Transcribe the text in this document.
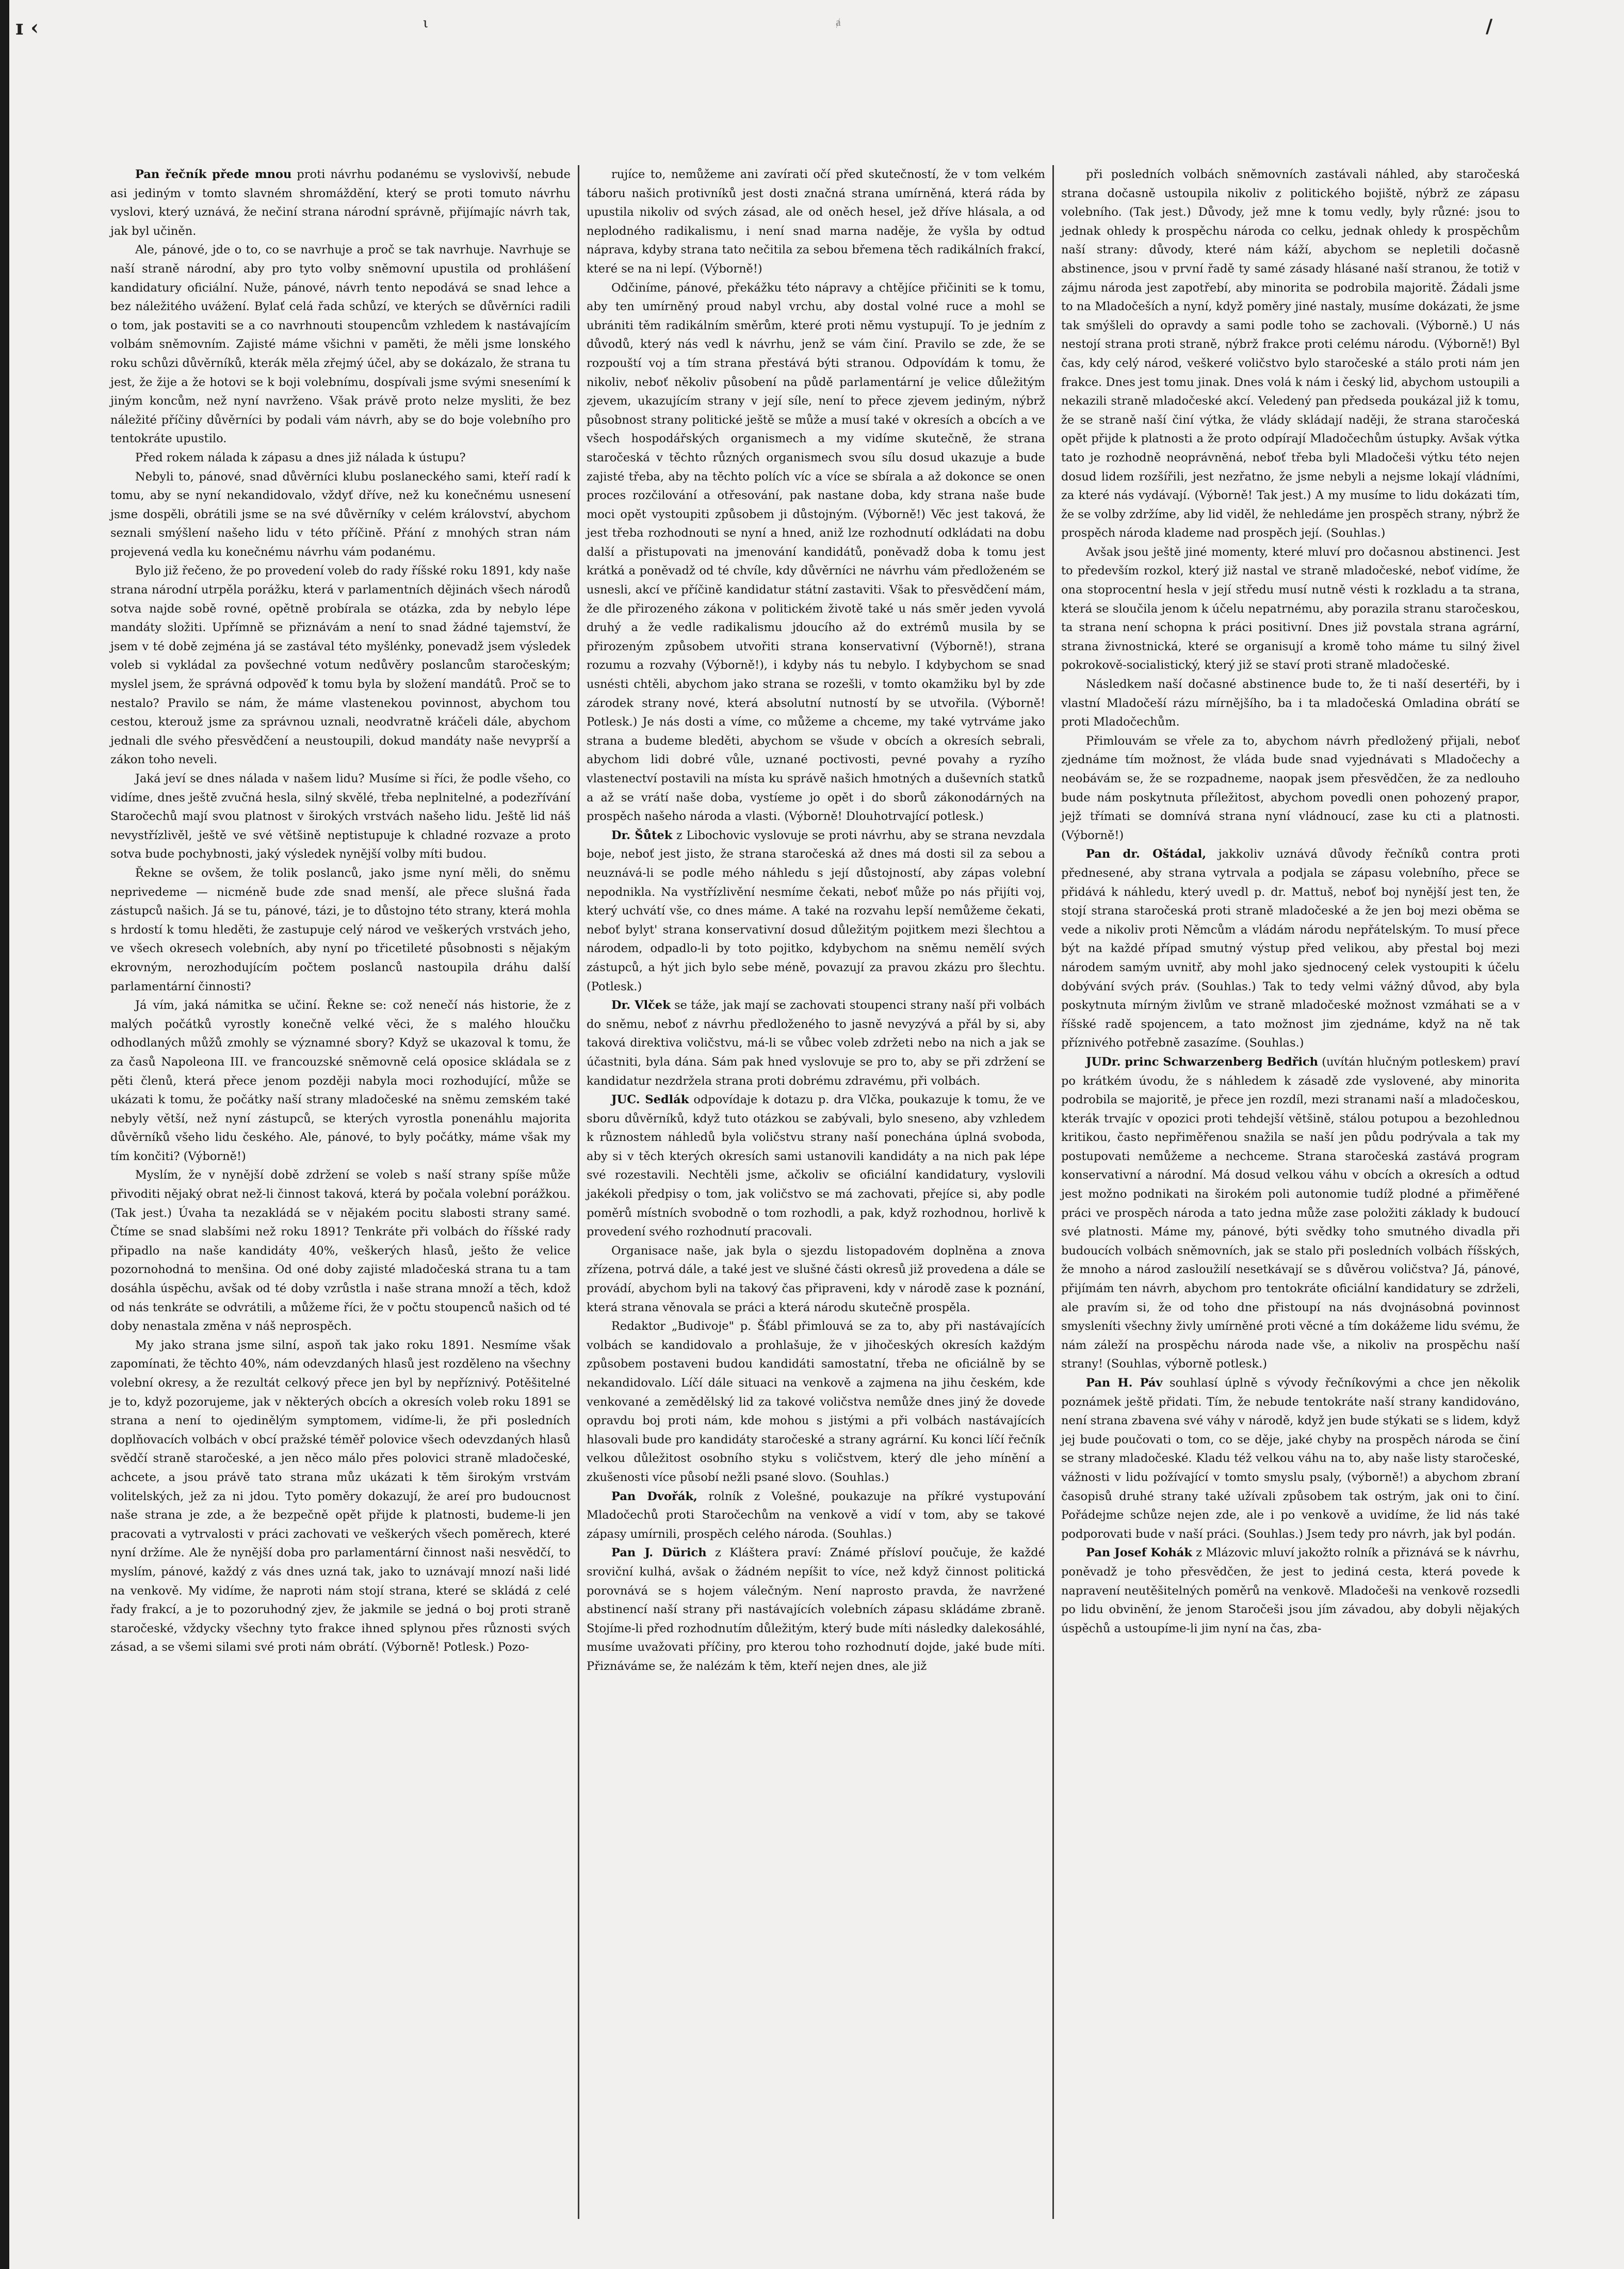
ɪ ‹	ι	ⱥ	/

Pan řečník přede mnou proti návrhu podanému se vyslovivší, nebude asi jediným v tomto slavném shromáždění, který se proti tomuto návrhu vyslovi, který uznává, že nečiní strana národní správně, přijímajíc návrh tak, jak byl učiněn.

Ale, pánové, jde o to, co se navrhuje a proč se tak navrhuje. Navrhuje se naší straně národní, aby pro tyto volby sněmovní upustila od prohlášení kandidatury oficiální. Nuže, pánové, návrh tento nepodává se snad lehce a bez náležitého uvážení. Bylať celá řada schůzí, ve kterých se důvěrníci radili o tom, jak postaviti se a co navrhnouti stoupencům vzhledem k nastávajícím volbám sněmovním. Zajisté máme všichni v paměti, že měli jsme lonského roku schůzi důvěrníků, kterák měla zřejmý účel, aby se dokázalo, že strana tu jest, že žije a že hotovi se k boji volebnímu, dospívali jsme svými snesenímí k jiným koncům, než nyní navrženo. Však právě proto nelze mysliti, že bez náležité příčiny důvěrníci by podali vám návrh, aby se do boje volebního pro tentokráte upustilo.

Před rokem nálada k zápasu a dnes již nálada k ústupu?

Nebyli to, pánové, snad důvěrníci klubu poslaneckého sami, kteří radí k tomu, aby se nyní nekandidovalo, vždyť dříve, než ku konečnému usnesení jsme dospěli, obrátili jsme se na své důvěrníky v celém království, abychom seznali smýšlení našeho lidu v této příčině. Přání z mnohých stran nám projevená vedla ku konečnému návrhu vám podanému.

Bylo již řečeno, že po provedení voleb do rady říšské roku 1891, kdy naše strana národní utrpěla porážku, která v parlamentních dějinách všech národů sotva najde sobě rovné, opětně probírala se otázka, zda by nebylo lépe mandáty složiti. Upřímně se přiznávám a není to snad žádné tajemství, že jsem v té době zejména já se zastával této myšlénky, ponevadž jsem výsledek voleb si vykládal za povšechné votum nedůvěry poslancům staročeským; myslel jsem, že správná odpověď k tomu byla by složení mandátů. Proč se to nestalo? Pravilo se nám, že máme vlastenekou povinnost, abychom tou cestou, kterouž jsme za správnou uznali, neodvratně kráčeli dále, abychom jednali dle svého přesvědčení a neustoupili, dokud mandáty naše nevyprší a zákon toho neveli.

Jaká jeví se dnes nálada v našem lidu? Musíme si říci, že podle všeho, co vidíme, dnes ještě zvučná hesla, silný skvělé, třeba neplnitelné, a podezřívání Staročechů mají svou platnost v širokých vrstvách našeho lidu. Ještě lid náš nevystřízlivěl, ještě ve své většině neptistupuje k chladné rozvaze a proto sotva bude pochybnosti, jaký výsledek nynější volby míti budou.

Řekne se ovšem, že tolik poslanců, jako jsme nyní měli, do sněmu neprivedeme — nicméně bude zde snad menší, ale přece slušná řada zástupců našich. Já se tu, pánové, tázi, je to důstojno této strany, která mohla s hrdostí k tomu hleděti, že zastupuje celý národ ve veškerých vrstvách jeho, ve všech okresech volebních, aby nyní po třicetileté působnosti s nějakým ekrovným, nerozhodujícím počtem poslanců nastoupila dráhu další parlamentární činnosti?

Já vím, jaká námitka se učiní. Řekne se: což nenečí nás historie, že z malých počátků vyrostly konečně velké věci, že s malého hloučku odhodlaných můžů zmohly se významné sbory? Když se ukazoval k tomu, že za časů Napoleona III. ve francouzské sněmovně celá oposice skládala se z pěti členů, která přece jenom později nabyla moci rozhodující, může se ukázati k tomu, že počátky naší strany mladočeské na sněmu zemském také nebyly větší, než nyní zástupců, se kterých vyrostla ponenáhlu majorita důvěrníků všeho lidu českého. Ale, pánové, to byly počátky, máme však my tím končiti? (Výborně!)

Myslím, že v nynější době zdržení se voleb s naší strany spíše může přivoditi nějaký obrat než-li činnost taková, která by počala volební porážkou. (Tak jest.) Úvaha ta nezakládá se v nějakém pocitu slabosti strany samé. Čtíme se snad slabšími než roku 1891? Tenkráte při volbách do říšské rady připadlo na naše kandidáty 40%, veškerých hlasů, ješto že velice pozornohodná to menšina. Od oné doby zajisté mladočeská strana tu a tam dosáhla úspěchu, avšak od té doby vzrůstla i naše strana množí a těch, kdož od nás tenkráte se odvrátili, a můžeme říci, že v počtu stoupenců našich od té doby nenastala změna v náš neprospěch.

My jako strana jsme silní, aspoň tak jako roku 1891. Nesmíme však zapomínati, že těchto 40%, nám odevzdaných hlasů jest rozděleno na všechny volební okresy, a že rezultát celkový přece jen byl by nepříznivý. Potěšitelné je to, když pozorujeme, jak v některých obcích a okresích voleb roku 1891 se strana a není to ojedinělým symptomem, vidíme-li, že při posledních doplňovacích volbách v obcí pražské téměř polovice všech odevzdaných hlasů svědčí straně staročeské, a jen něco málo přes polovici straně mladočeské, achcete, a jsou právě tato strana můz ukázati k těm širokým vrstvám volitelských, jež za ni jdou. Tyto poměry dokazují, že areí pro budoucnost naše strana je zde, a že bezpečně opět přijde k platnosti, budeme-li jen pracovati a vytrvalosti v práci zachovati ve veškerých všech poměrech, které nyní držíme. Ale že nynější doba pro parlamentární činnost naši nesvědčí, to myslím, pánové, každý z vás dnes uzná tak, jako to uznávají mnozí naši lidé na venkově. My vidíme, že naproti nám stojí strana, které se skládá z celé řady frakcí, a je to pozoruhodný zjev, že jakmile se jedná o boj proti straně staročeské, vždycky všechny tyto frakce ihned splynou přes různosti svých zásad, a se všemi silami své proti nám obrátí. (Výborně! Potlesk.) Pozo-

rujíce to, nemůžeme ani zavírati očí před skutečností, že v tom velkém táboru našich protivníků jest dosti značná strana umírněná, která ráda by upustila nikoliv od svých zásad, ale od oněch hesel, jež dříve hlásala, a od neplodného radikalismu, i není snad marna naděje, že vyšla by odtud náprava, kdyby strana tato nečitila za sebou břemena těch radikálních frakcí, které se na ni lepí. (Výborně!)

Odčiníme, pánové, překážku této nápravy a chtějíce přičiniti se k tomu, aby ten umírněný proud nabyl vrchu, aby dostal volné ruce a mohl se ubrániti těm radikálním směrům, které proti němu vystupují. To je jedním z důvodů, který nás vedl k návrhu, jenž se vám činí. Pravilo se zde, že se rozpouští voj a tím strana přestává býti stranou. Odpovídám k tomu, že nikoliv, neboť několiv působení na půdě parlamentární je velice důležitým zjevem, ukazujícím strany v její síle, není to přece zjevem jediným, nýbrž působnost strany politické ještě se může a musí také v okresích a obcích a ve všech hospodářských organismech a my vidíme skutečně, že strana staročeská v těchto různých organismech svou sílu dosud ukazuje a bude zajisté třeba, aby na těchto polích víc a více se sbírala a až dokonce se onen proces rozčilování a otřesování, pak nastane doba, kdy strana naše bude moci opět vystoupiti způsobem ji důstojným. (Výborně!) Věc jest taková, že jest třeba rozhodnouti se nyní a hned, aniž lze rozhodnutí odkládati na dobu další a přistupovati na jmenování kandidátů, poněvadž doba k tomu jest krátká a poněvadž od té chvíle, kdy důvěrníci ne návrhu vám předloženém se usnesli, akcí ve příčině kandidatur státní zastaviti. Však to přesvědčení mám, že dle přirozeného zákona v politickém životě také u nás směr jeden vyvolá druhý a že vedle radikalismu jdoucího až do extrémů musila by se přirozeným způsobem utvořiti strana konservativní (Výborně!), strana rozumu a rozvahy (Výborně!), i kdyby nás tu nebylo. I kdybychom se snad usnésti chtěli, abychom jako strana se rozešli, v tomto okamžiku byl by zde zárodek strany nové, která absolutní nutností by se utvořila. (Výborně! Potlesk.) Je nás dosti a víme, co můžeme a chceme, my také vytrváme jako strana a budeme bleděti, abychom se všude v obcích a okresích sebrali, abychom lidi dobré vůle, uznané poctivosti, pevné povahy a ryzího vlastenectví postavili na místa ku správě našich hmotných a duševních statků a až se vrátí naše doba, vystíeme jo opět i do sborů zákonodárných na prospěch našeho národa a vlasti. (Výborně! Dlouhotrvající potlesk.)

Dr. Šůtek z Libochovic vyslovuje se proti návrhu, aby se strana nevzdala boje, neboť jest jisto, že strana staročeská až dnes má dosti sil za sebou a neuznává-li se podle mého náhledu s její důstojností, aby zápas volební nepodnikla. Na vystřízlivění nesmíme čekati, neboť může po nás přijíti voj, který uchvátí vše, co dnes máme. A také na rozvahu lepší nemůžeme čekati, neboť bylyt' strana konservativní dosud důležitým pojitkem mezi šlechtou a národem, odpadlo-li by toto pojitko, kdybychom na sněmu nemělí svých zástupců, a hýt jich bylo sebe méně, povazují za pravou zkázu pro šlechtu. (Potlesk.)

Dr. Vlček se táže, jak mají se zachovati stoupenci strany naší při volbách do sněmu, neboť z návrhu předloženého to jasně nevyzývá a přál by si, aby taková direktiva voličstvu, má-li se vůbec voleb zdržeti nebo na nich a jak se účastniti, byla dána. Sám pak hned vyslovuje se pro to, aby se při zdržení se kandidatur nezdržela strana proti dobrému zdravému, při volbách.

JUC. Sedlák odpovídaje k dotazu p. dra Vlčka, poukazuje k tomu, že ve sboru důvěrníků, když tuto otázkou se zabývali, bylo sneseno, aby vzhledem k různostem náhledů byla voličstvu strany naší ponechána úplná svoboda, aby si v těch kterých okresích sami ustanovili kandidáty a na nich pak lépe své rozestavili. Nechtěli jsme, ačkoliv se oficiální kandidatury, vyslovili jakékoli předpisy o tom, jak voličstvo se má zachovati, přejíce si, aby podle poměrů místních svobodně o tom rozhodli, a pak, když rozhodnou, horlivě k provedení svého rozhodnutí pracovali.

Organisace naše, jak byla o sjezdu listopadovém doplněna a znova zřízena, potrvá dále, a také jest ve slušné části okresů již provedena a dále se provádí, abychom byli na takový čas připraveni, kdy v národě zase k poznání, která strana věnovala se práci a která národu skutečně prospěla.

Redaktor „Budivoje" p. Šťábl přimlouvá se za to, aby při nastávajících volbách se kandidovalo a prohlašuje, že v jihočeských okresích každým způsobem postaveni budou kandidáti samostatní, třeba ne oficiálně by se nekandidovalo. Líčí dále situaci na venkově a zajmena na jihu českém, kde venkované a zemědělský lid za takové voličstva nemůže dnes jiný že dovede opravdu boj proti nám, kde mohou s jistými a při volbách nastávajících hlasovali bude pro kandidáty staročeské a strany agrární. Ku konci líčí řečník velkou důležitost osobního styku s voličstvem, který dle jeho mínění a zkušenosti více působí nežli psané slovo. (Souhlas.)

Pan Dvořák, rolník z Volešné, poukazuje na příkré vystupování Mladočechů proti Staročechům na venkově a vidí v tom, aby se takové zápasy umírnili, prospěch celého národa. (Souhlas.)

Pan J. Dürich z Kláštera praví: Známé přísloví poučuje, že každé sroviční kulhá, avšak o žádném nepíšit to více, než když činnost politická porovnává se s hojem válečným. Není naprosto pravda, že navržené abstinencí naší strany při nastávajících volebních zápasu skládáme zbraně. Stojíme-li před rozhodnutím důležitým, který bude míti následky dalekosáhlé, musíme uvažovati příčiny, pro kterou toho rozhodnutí dojde, jaké bude míti. Přiznáváme se, že nalézám k těm, kteří nejen dnes, ale již

při posledních volbách sněmovních zastávali náhled, aby staročeská strana dočasně ustoupila nikoliv z politického bojiště, nýbrž ze zápasu volebního. (Tak jest.) Důvody, jež mne k tomu vedly, byly různé: jsou to jednak ohledy k prospěchu národa co celku, jednak ohledy k prospěchům naší strany: důvody, které nám káží, abychom se nepletili dočasně abstinence, jsou v první řadě ty samé zásady hlásané naší stranou, že totiž v zájmu národa jest zapotřebí, aby minorita se podrobila majoritě. Žádali jsme to na Mladočeších a nyní, když poměry jiné nastaly, musíme dokázati, že jsme tak smýšleli do opravdy a sami podle toho se zachovali. (Výborně.) U nás nestojí strana proti straně, nýbrž frakce proti celému národu. (Výborně!) Byl čas, kdy celý národ, veškeré voličstvo bylo staročeské a stálo proti nám jen frakce. Dnes jest tomu jinak. Dnes volá k nám i český lid, abychom ustoupili a nekazili straně mladočeské akcí. Veledený pan předseda poukázal již k tomu, že se straně naší činí výtka, že vlády skládají naději, že strana staročeská opět přijde k platnosti a že proto odpírají Mladočechům ústupky. Avšak výtka tato je rozhodně neoprávněná, neboť třeba byli Mladočeši výtku této nejen dosud lidem rozšířili, jest nezřatno, že jsme nebyli a nejsme lokají vládními, za které nás vydávají. (Výborně! Tak jest.) A my musíme to lidu dokázati tím, že se volby zdržíme, aby lid viděl, že nehledáme jen prospěch strany, nýbrž že prospěch národa klademe nad prospěch její. (Souhlas.)

Avšak jsou ještě jiné momenty, které mluví pro dočasnou abstinenci. Jest to především rozkol, který již nastal ve straně mladočeské, neboť vidíme, že ona stoprocentní hesla v její středu musí nutně vésti k rozkladu a ta strana, která se sloučila jenom k účelu nepatrnému, aby porazila stranu staročeskou, ta strana není schopna k práci positivní. Dnes již povstala strana agrární, strana živnostnická, které se organisují a kromě toho máme tu silný živel pokrokově-socialistický, který již se staví proti straně mladočeské.

Následkem naší dočasné abstinence bude to, že ti naší desertéři, by i vlastní Mladočeší rázu mírnějšího, ba i ta mladočeská Omladina obrátí se proti Mladočechům.

Přimlouvám se vřele za to, abychom návrh předložený přijali, neboť zjednáme tím možnost, že vláda bude snad vyjednávati s Mladočechy a neobávám se, že se rozpadneme, naopak jsem přesvědčen, že za nedlouho bude nám poskytnuta příležitost, abychom povedli onen pohozený prapor, jejž třímati se domnívá strana nyní vládnoucí, zase ku cti a platnosti. (Výborně!)

Pan dr. Oštádal, jakkoliv uznává důvody řečníků contra proti přednesené, aby strana vytrvala a podjala se zápasu volebního, přece se přidává k náhledu, který uvedl p. dr. Mattuš, neboť boj nynější jest ten, že stojí strana staročeská proti straně mladočeské a že jen boj mezi oběma se vede a nikoliv proti Němcům a vládám národu nepřátelským. To musí přece být na každé případ smutný výstup před velikou, aby přestal boj mezi národem samým uvnitř, aby mohl jako sjednocený celek vystoupiti k účelu dobývání svých práv. (Souhlas.) Tak to tedy velmi vážný důvod, aby byla poskytnuta mírným živlům ve straně mladočeské možnost vzmáhati se a v říšské radě spojencem, a tato možnost jim zjednáme, když na ně tak příznivého potřebně zasazíme. (Souhlas.)

JUDr. princ Schwarzenberg Bedřich (uvítán hlučným potleskem) praví po krátkém úvodu, že s náhledem k zásadě zde vyslovené, aby minorita podrobila se majoritě, je přece jen rozdíl, mezi stranami naší a mladočeskou, kterák trvajíc v opozici proti tehdejší většině, stálou potupou a bezohlednou kritikou, často nepřiměřenou snažila se naší jen půdu podrývala a tak my postupovati nemůžeme a nechceme. Strana staročeská zastává program konservativní a národní. Má dosud velkou váhu v obcích a okresích a odtud jest možno podnikati na širokém poli autonomie tudíž plodné a přiměřené práci ve prospěch národa a tato jedna může zase položiti základy k budoucí své platnosti. Máme my, pánové, býti svědky toho smutného divadla při budoucích volbách sněmovních, jak se stalo při posledních volbách říšských, že mnoho a národ zasloužilí nesetkávají se s důvěrou voličstva? Já, pánové, přijímám ten návrh, abychom pro tentokráte oficiální kandidatury se zdrželi, ale pravím si, že od toho dne přistoupí na nás dvojnásobná povinnost smysleníti všechny živly umírněné proti věcné a tím dokážeme lidu svému, že nám záleží na prospěchu národa nade vše, a nikoliv na prospěchu naší strany! (Souhlas, výborně potlesk.)

Pan H. Páv souhlasí úplně s vývody řečníkovými a chce jen několik poznámek ještě přidati. Tím, že nebude tentokráte naší strany kandidováno, není strana zbavena své váhy v národě, když jen bude stýkati se s lidem, když jej bude poučovati o tom, co se děje, jaké chyby na prospěch národa se činí se strany mladočeské. Kladu též velkou váhu na to, aby naše listy staročeské, vážnosti v lidu požívající v tomto smyslu psaly, (výborně!) a abychom zbraní časopisů druhé strany také užívali způsobem tak ostrým, jak oni to činí. Pořádejme schůze nejen zde, ale i po venkově a uvidíme, že lid nás také podporovati bude v naší práci. (Souhlas.) Jsem tedy pro návrh, jak byl podán.

Pan Josef Kohák z Mlázovic mluví jakožto rolník a přiznává se k návrhu, poněvadž je toho přesvědčen, že jest to jediná cesta, která povede k napravení neutěšitelných poměrů na venkově. Mladočeši na venkově rozsedli po lidu obvinění, že jenom Staročeši jsou jím závadou, aby dobyli nějakých úspěchů a ustoupíme-li jim nyní na čas, zba-
